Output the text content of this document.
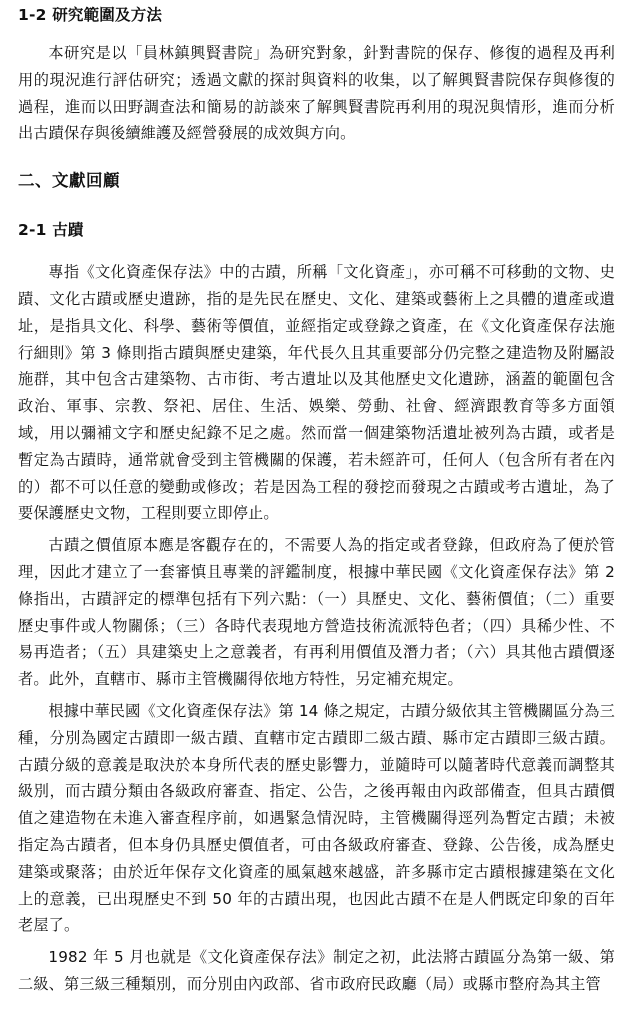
1-2 研究範圍及方法

本研究是以「員林鎮興賢書院」為研究對象，針對書院的保存、修復的過程及再利用的現況進行評估研究；透過文獻的探討與資料的收集，以了解興賢書院保存與修復的過程，進而以田野調查法和簡易的訪談來了解興賢書院再利用的現況與情形，進而分析出古蹟保存與後續維護及經營發展的成效與方向。

二、文獻回顧
2-1 古蹟

專指《文化資產保存法》中的古蹟，所稱「文化資產」，亦可稱不可移動的文物、史蹟、文化古蹟或歷史遺跡，指的是先民在歷史、文化、建築或藝術上之具體的遺產或遺址，是指具文化、科學、藝術等價值，並經指定或登錄之資產，在《文化資產保存法施行細則》第 3 條則指古蹟與歷史建築，年代長久且其重要部分仍完整之建造物及附屬設施群，其中包含古建築物、古市街、考古遺址以及其他歷史文化遺跡，涵蓋的範圍包含政治、軍事、宗教、祭祀、居住、生活、娛樂、勞動、社會、經濟跟教育等多方面領域，用以彌補文字和歷史紀錄不足之處。然而當一個建築物活遺址被列為古蹟，或者是暫定為古蹟時，通常就會受到主管機關的保護，若未經許可，任何人（包含所有者在內的）都不可以任意的變動或修改；若是因為工程的發挖而發現之古蹟或考古遺址，為了要保護歷史文物，工程則要立即停止。

古蹟之價值原本應是客觀存在的，不需要人為的指定或者登錄，但政府為了便於管理，因此才建立了一套審慎且專業的評鑑制度，根據中華民國《文化資產保存法》第 2 條指出，古蹟評定的標準包括有下列六點：（一）具歷史、文化、藝術價值；（二）重要歷史事件或人物關係；（三）各時代表現地方營造技術流派特色者；（四）具稀少性、不易再造者；（五）具建築史上之意義者，有再利用價值及潛力者；（六）具其他古蹟價逐者。此外，直轄市、縣市主管機關得依地方特性，另定補充規定。

根據中華民國《文化資產保存法》第 14 條之規定，古蹟分級依其主管機關區分為三種，分別為國定古蹟即一級古蹟、直轄市定古蹟即二級古蹟、縣市定古蹟即三級古蹟。古蹟分級的意義是取決於本身所代表的歷史影響力，並隨時可以隨著時代意義而調整其級別，而古蹟分類由各級政府審查、指定、公告，之後再報由內政部備查，但具古蹟價值之建造物在未進入審查程序前，如遇緊急情況時，主管機關得逕列為暫定古蹟；未被指定為古蹟者，但本身仍具歷史價值者，可由各級政府審查、登錄、公告後，成為歷史建築或聚落；由於近年保存文化資產的風氣越來越盛，許多縣市定古蹟根據建築在文化上的意義，已出現歷史不到 50 年的古蹟出現，也因此古蹟不在是人們既定印象的百年老屋了。

1982 年 5 月也就是《文化資產保存法》制定之初，此法將古蹟區分為第一級、第二級、第三級三種類別，而分別由內政部、省市政府民政廳（局）或縣市整府為其主管
